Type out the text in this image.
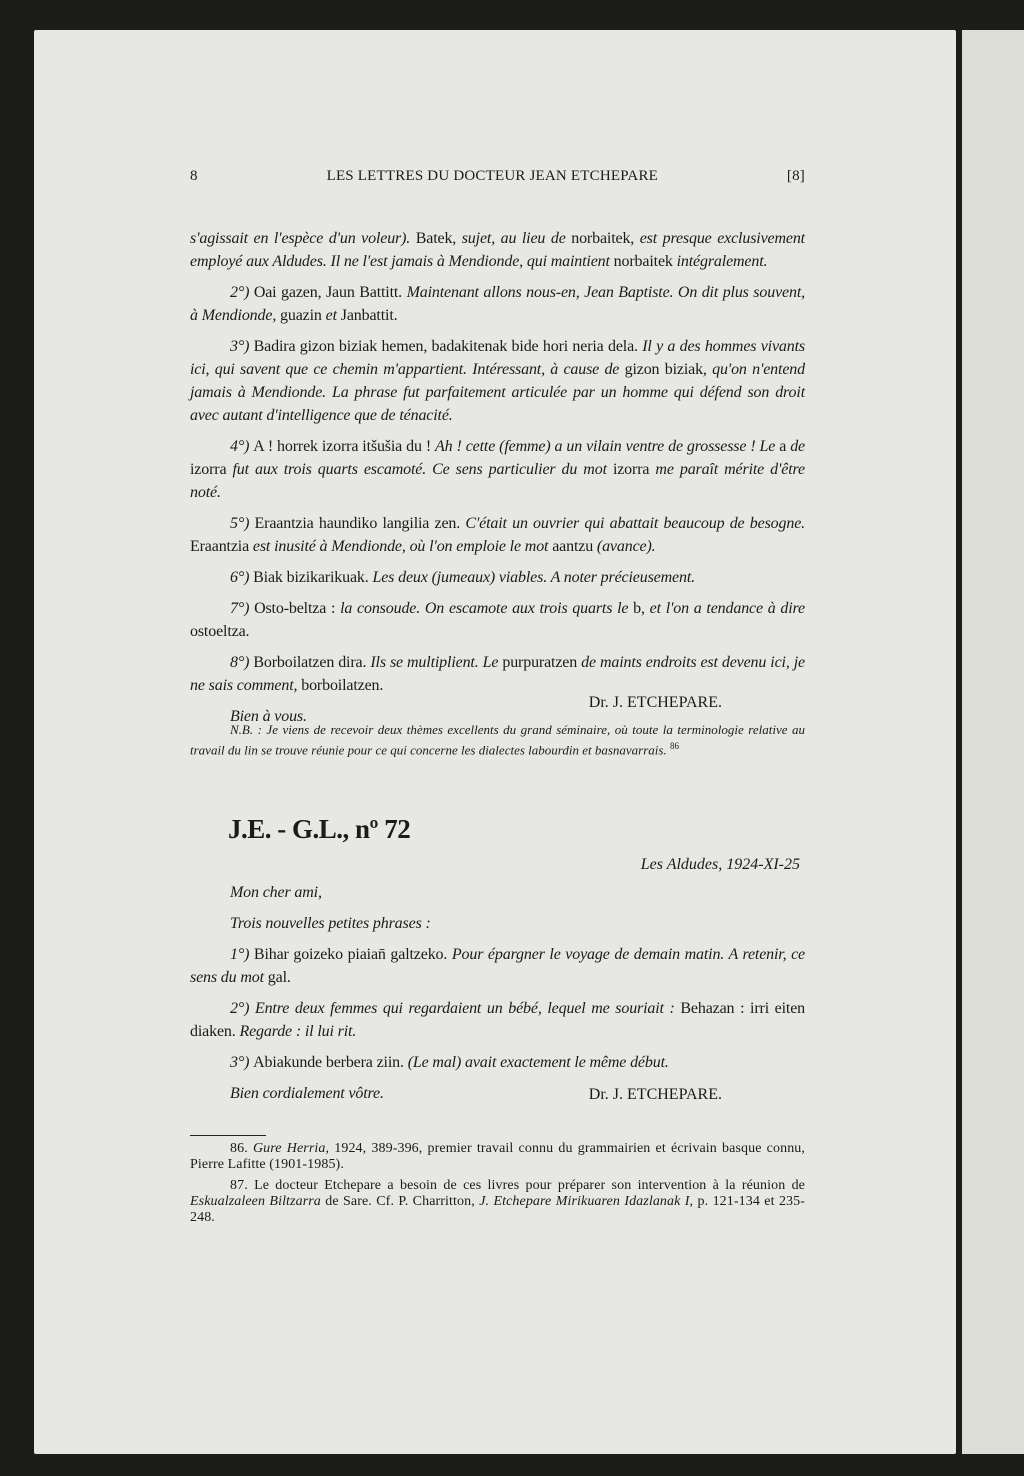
8	LES LETTRES DU DOCTEUR JEAN ETCHEPARE	[8]

s'agissait en l'espèce d'un voleur). Batek, sujet, au lieu de norbaitek, est presque exclusivement employé aux Aldudes. Il ne l'est jamais à Mendionde, qui maintient norbaitek intégralement.

2°) Oai gazen, Jaun Battitt. Maintenant allons nous-en, Jean Baptiste. On dit plus souvent, à Mendionde, guazin et Janbattit.

3°) Badira gizon biziak hemen, badakitenak bide hori neria dela. Il y a des hommes vivants ici, qui savent que ce chemin m'appartient. Intéressant, à cause de gizon biziak, qu'on n'entend jamais à Mendionde. La phrase fut parfaitement articulée par un homme qui défend son droit avec autant d'intelligence que de ténacité.

4°) A ! horrek izorra itšušia du ! Ah ! cette (femme) a un vilain ventre de grossesse ! Le a de izorra fut aux trois quarts escamoté. Ce sens particulier du mot izorra me paraît mérite d'être noté.

5°) Eraantzia haundiko langilia zen. C'était un ouvrier qui abattait beaucoup de besogne. Eraantzia est inusité à Mendionde, où l'on emploie le mot aantzu (avance).

6°) Biak bizikarikuak. Les deux (jumeaux) viables. A noter précieusement.

7°) Osto-beltza : la consoude. On escamote aux trois quarts le b, et l'on a tendance à dire ostoeltza.

8°) Borboilatzen dira. Ils se multiplient. Le purpuratzen de maints endroits est devenu ici, je ne sais comment, borboilatzen.

Bien à vous.

Dr. J. ETCHEPARE.

N.B. : Je viens de recevoir deux thèmes excellents du grand séminaire, où toute la terminologie relative au travail du lin se trouve réunie pour ce qui concerne les dialectes labourdin et basnavarrais. $^{86}$

J.E. - G.L., nº 72
Les Aldudes, 1924-XI-25

Mon cher ami,

Trois nouvelles petites phrases :

1°) Bihar goizeko piaian̄ galtzeko. Pour épargner le voyage de demain matin. A retenir, ce sens du mot gal.

2°) Entre deux femmes qui regardaient un bébé, lequel me souriait : Behazan : irri eiten diaken. Regarde : il lui rit.

3°) Abiakunde berbera ziin. (Le mal) avait exactement le même début.

Bien cordialement vôtre.	Dr. J. ETCHEPARE.

86. Gure Herria, 1924, 389-396, premier travail connu du grammairien et écrivain basque connu, Pierre Lafitte (1901-1985).

87. Le docteur Etchepare a besoin de ces livres pour préparer son intervention à la réunion de Eskualzaleen Biltzarra de Sare. Cf. P. Charritton, J. Etchepare Mirikuaren Idazlanak I, p. 121-134 et 235-248.
